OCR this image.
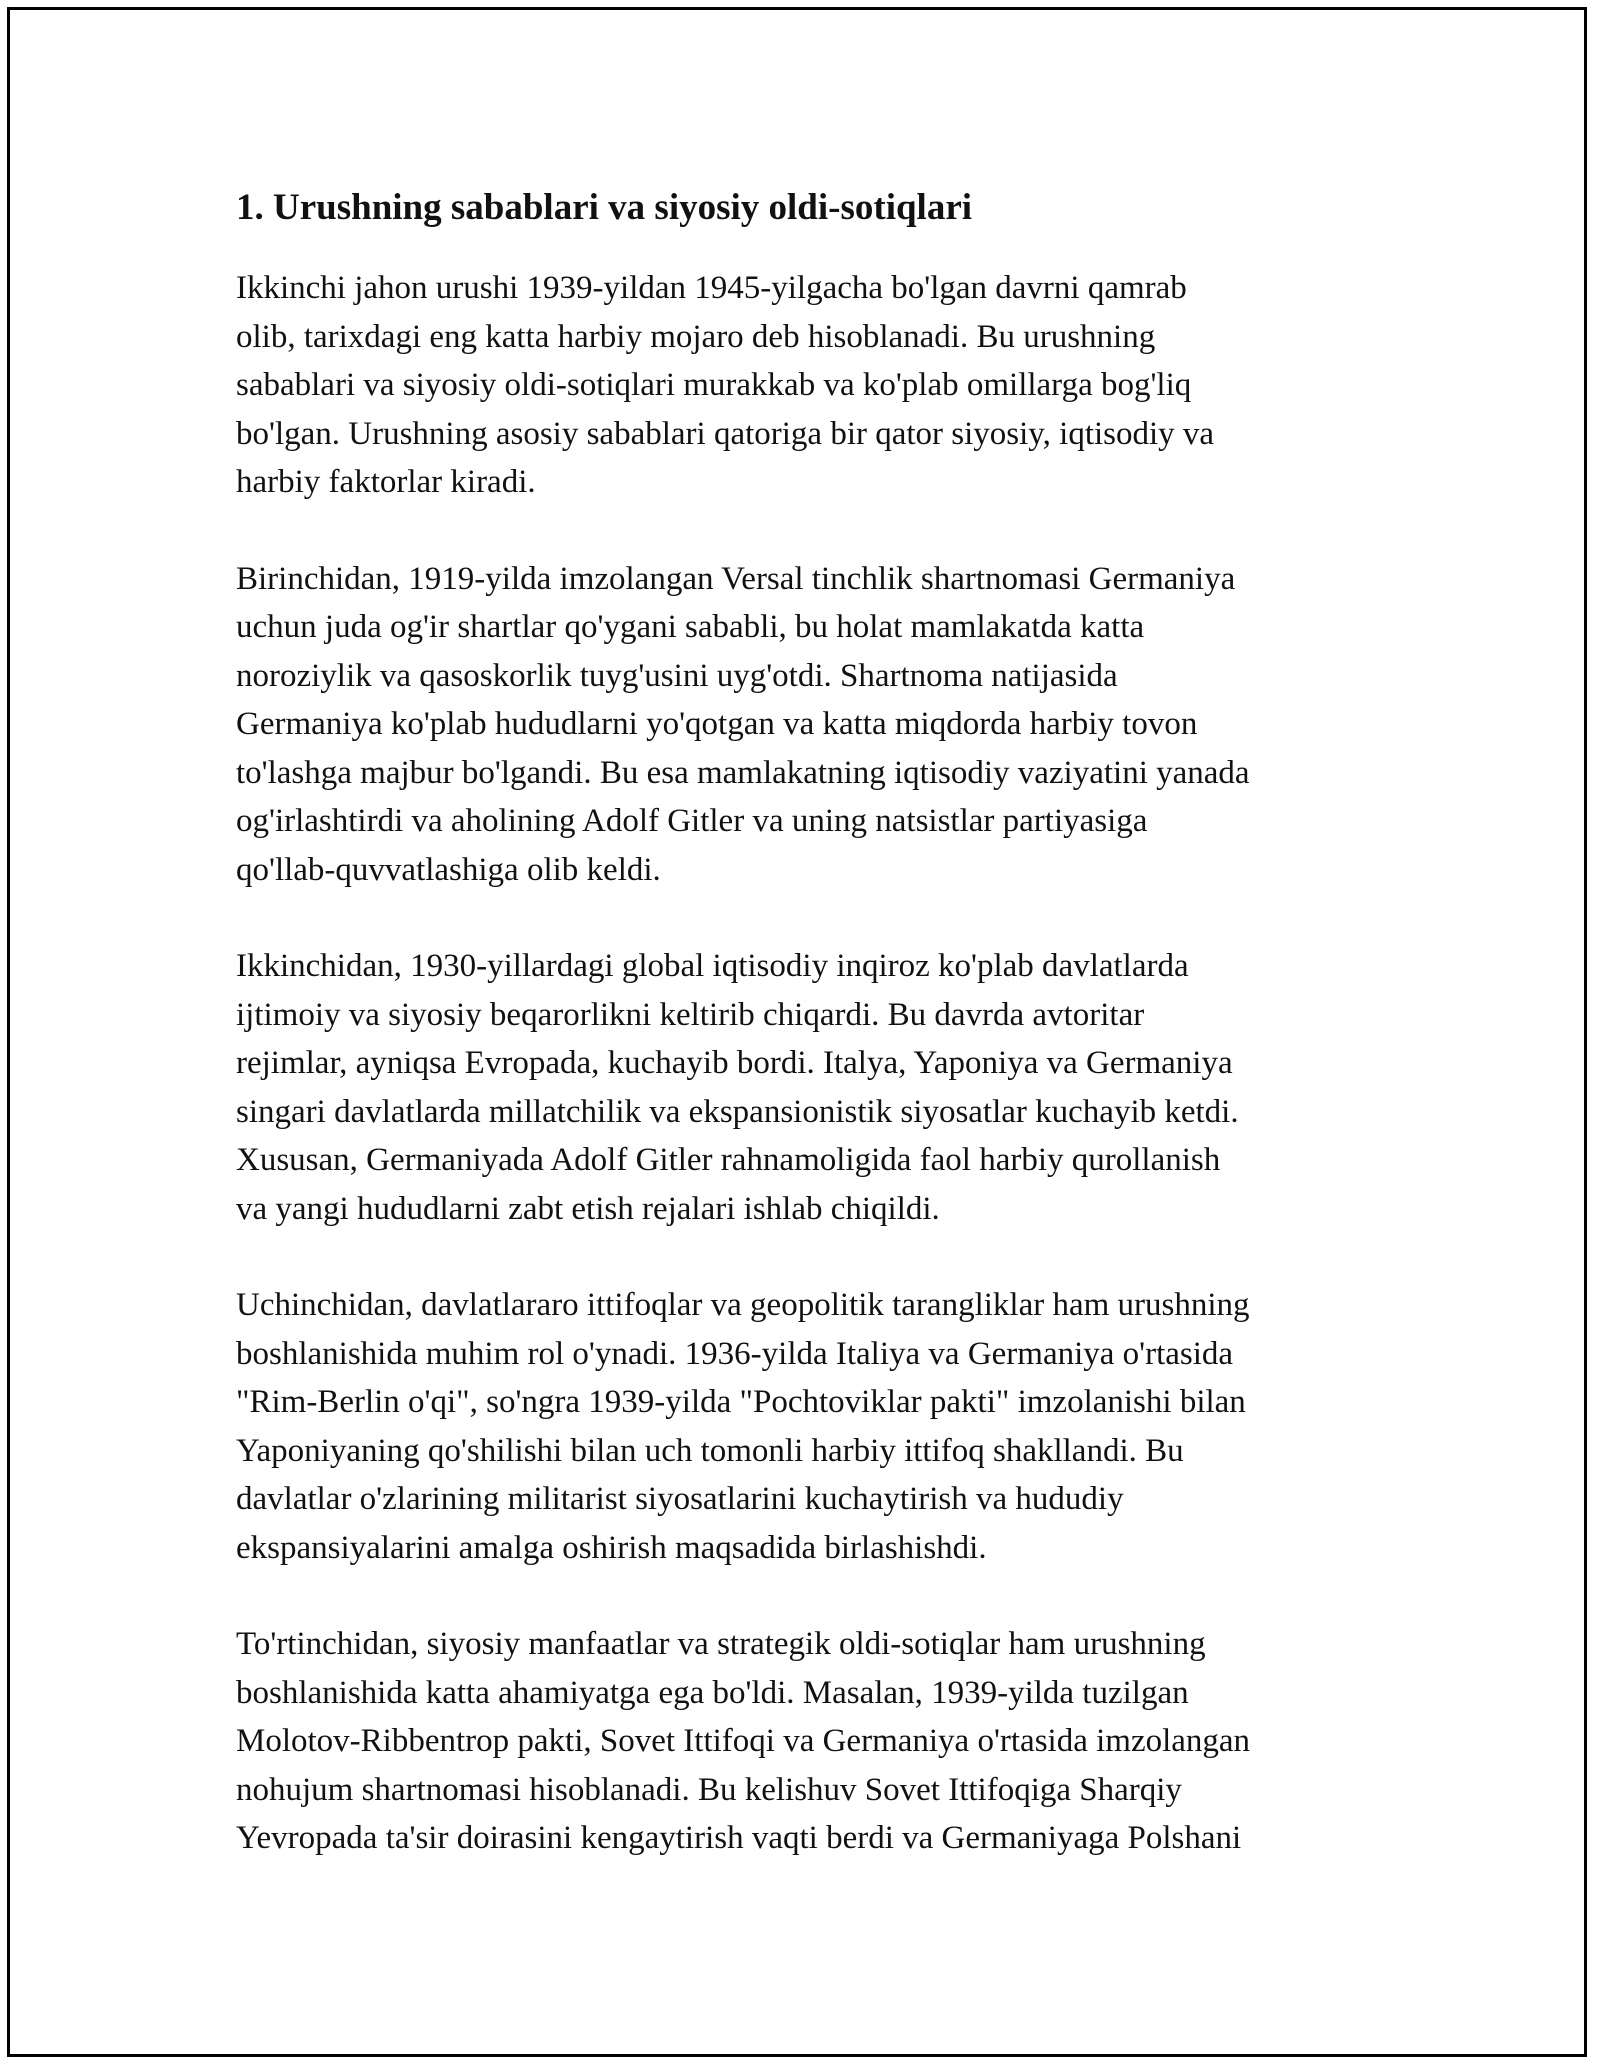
1. Urushning sabablari va siyosiy oldi-sotiqlari

Ikkinchi jahon urushi 1939-yildan 1945-yilgacha bo'lgan davrni qamrab
olib, tarixdagi eng katta harbiy mojaro deb hisoblanadi. Bu urushning
sabablari va siyosiy oldi-sotiqlari murakkab va ko'plab omillarga bog'liq
bo'lgan. Urushning asosiy sabablari qatoriga bir qator siyosiy, iqtisodiy va
harbiy faktorlar kiradi.

Birinchidan, 1919-yilda imzolangan Versal tinchlik shartnomasi Germaniya
uchun juda og'ir shartlar qo'ygani sababli, bu holat mamlakatda katta
noroziylik va qasoskorlik tuyg'usini uyg'otdi. Shartnoma natijasida
Germaniya ko'plab hududlarni yo'qotgan va katta miqdorda harbiy tovon
to'lashga majbur bo'lgandi. Bu esa mamlakatning iqtisodiy vaziyatini yanada
og'irlashtirdi va aholining Adolf Gitler va uning natsistlar partiyasiga
qo'llab-quvvatlashiga olib keldi.

Ikkinchidan, 1930-yillardagi global iqtisodiy inqiroz ko'plab davlatlarda
ijtimoiy va siyosiy beqarorlikni keltirib chiqardi. Bu davrda avtoritar
rejimlar, ayniqsa Evropada, kuchayib bordi. Italya, Yaponiya va Germaniya
singari davlatlarda millatchilik va ekspansionistik siyosatlar kuchayib ketdi.
Xususan, Germaniyada Adolf Gitler rahnamoligida faol harbiy qurollanish
va yangi hududlarni zabt etish rejalari ishlab chiqildi.

Uchinchidan, davlatlararo ittifoqlar va geopolitik tarangliklar ham urushning
boshlanishida muhim rol o'ynadi. 1936-yilda Italiya va Germaniya o'rtasida
"Rim-Berlin o'qi", so'ngra 1939-yilda "Pochtoviklar pakti" imzolanishi bilan
Yaponiyaning qo'shilishi bilan uch tomonli harbiy ittifoq shakllandi. Bu
davlatlar o'zlarining militarist siyosatlarini kuchaytirish va hududiy
ekspansiyalarini amalga oshirish maqsadida birlashishdi.

To'rtinchidan, siyosiy manfaatlar va strategik oldi-sotiqlar ham urushning
boshlanishida katta ahamiyatga ega bo'ldi. Masalan, 1939-yilda tuzilgan
Molotov-Ribbentrop pakti, Sovet Ittifoqi va Germaniya o'rtasida imzolangan
nohujum shartnomasi hisoblanadi. Bu kelishuv Sovet Ittifoqiga Sharqiy
Yevropada ta'sir doirasini kengaytirish vaqti berdi va Germaniyaga Polshani
